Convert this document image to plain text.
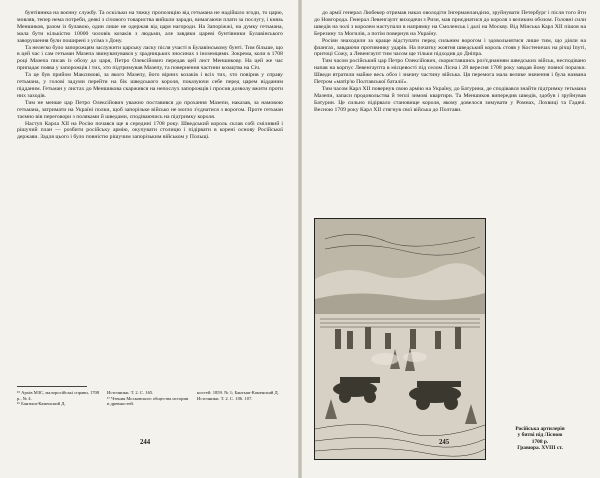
бунтівника на воєнну службу. Та оскільки на тяжку пропозицію від гетьмана не надійшло згоди, то царю, мовляв, тепер нема потреби, деякі з січового товариства вийшли заради, вимагаючи плати за послугу, і князь Меншиков, разом із булавою, один лише не одержав від царя нагороди. На Запоріжжі, на думку гетьмана, мала бути кількістю 10000 чоловік козаків з людьми, але завдяки цареві бунтівники Булавінського заворушення були поширені з усіма з Дону.

Та нелегко було запорожцям заслужити царську ласку після участі в Булавінському бунті. Тим більше, що в цей час і сам гетьман Мазепа звинувачувався у зрадницьких зносинах з іноземцями. Зокрема, коли в 1708 році Мазепа писав із обозу до царя, Петро Олексійович передав цей лист Меншикову. На цей же час припадає поява у запорожців і тих, хто підтримував Мазепу, та повернення частини козацтва на Січ.

Та це був прийом Максимові, за якого Мазепу, його вірних козаків і всіх тих, хто повірив у справу гетьмана, у голові задуми перейти на бік шведського короля, показуючи себе перед царем відданим підданим. Гетьман у листах до Меншикова скаржився на непослух запорожців і просив дозволу вжити проти них заходів.

Тим не менше цар Петро Олексійович уважно поставився до прохання Мазепи, наказав, за намовою гетьмана, затримати на Україні полки, щоб запорізьке військо не могло з'єднатися з ворогом. Проте гетьман таємно вів переговори з поляками й шведами, сподіваючись на підтримку короля.

Наступ Карла XII на Росію почався ще в середині 1708 року. Шведський король склав собі сміливий і рішучий план — розбити російську армію, окупувати столицю і підірвати в корені основу Російської держави. Задля цього і було повністю рішучим запорізьким військом у Польщі.

¹⁵ Архів МЗС, малоросійські справи, 1708 р., № 4.

¹⁶ Бантыш-Каменский Д.

Источники. Т. 2. С. 165.

¹⁷ Чтения Московского общества истории и древностей.

ностей. 1859. № 1; Бантыш-Каменский Д. Источники. Т. 2. С. 106. 107.

244

до армії генерал Любекер отримав наказ оволодіти Інгерманландією, зруйнувати Петербург і після того йти до Новгорода. Генерал Левенгаупт виходячи з Ризи, мав приєднатися до короля з великим обозом. Головні сили шведів на чолі з королем наступали в напрямку на Смоленськ і далі на Москву. Від Мінська Карл XII пішов на Березину та Могилів, а потім повернув на Україну.

Росіян знаходили за краще відступати перед сильним ворогом і здовольнятися лише тим, що діяли на флангах, завдаючи противнику ударів. На початку жовтня шведський король стояв у Костеничах на річці Іпуті, притоці Сожу, а Левенгаупт тим часом ще тільки підходив до Дніпра.

Тим часом російський цар Петро Олексійович, скориставшись роз'єднанням шведських військ, несподівано напав на корпус Левенгаупта в місцевості під селом Лісна і 28 вересня 1708 року завдав йому повної поразки. Шведи втратили майже весь обоз і значну частину війська. Ця перемога мала велике значення і була названа Петром «матір'ю Полтавської баталії».

Тим часом Карл XII повернув свою армію на Україну, до Батурина, де сподівався знайти підтримку гетьмана Мазепи, запаси продовольства й теплі зимові квартири. Та Меншиков випередив шведів, здобув і зруйнував Батурин. Це сильно підірвало становище короля, якому довелося зимувати у Ромнах, Лохвиці та Гадячі. Весною 1709 року Карл XII стягнув свої війська до Полтави.

Російська артилерія
у битві під Лісною
1708 р.
Гравюра. XVIII ст.
245
